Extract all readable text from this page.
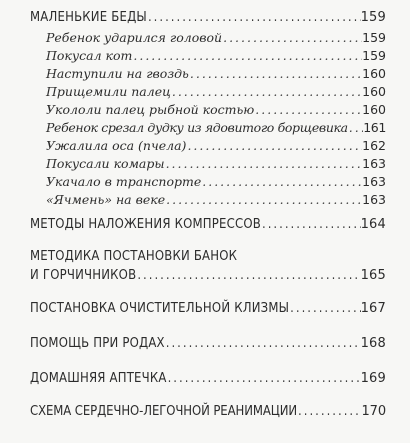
МАЛЕНЬКИЕ БЕДЫ .....	159
Ребенок ударился головой .....	159
Покусал кот .....	159
Наступили на гвоздь .....	160
Прищемили палец .....	160
Укололи палец рыбной костью .....	160
Ребенок срезал дудку из ядовитого борщевика ..... 161
Ужалила оса (пчела) .....	162
Покусали комары .....	163
Укачало в транспорте .....	163
«Ячмень» на веке .....	163
МЕТОДЫ НАЛОЖЕНИЯ КОМПРЕССОВ .....	164
МЕТОДИКА ПОСТАНОВКИ БАНОК
И ГОРЧИЧНИКОВ .....	165
ПОСТАНОВКА ОЧИСТИТЕЛЬНОЙ КЛИЗМЫ .....	167
ПОМОЩЬ ПРИ РОДАХ .....	168
ДОМАШНЯЯ АПТЕЧКА .....	169
СХЕМА СЕРДЕЧНО-ЛЕГОЧНОЙ РЕАНИМАЦИИ .....	170
